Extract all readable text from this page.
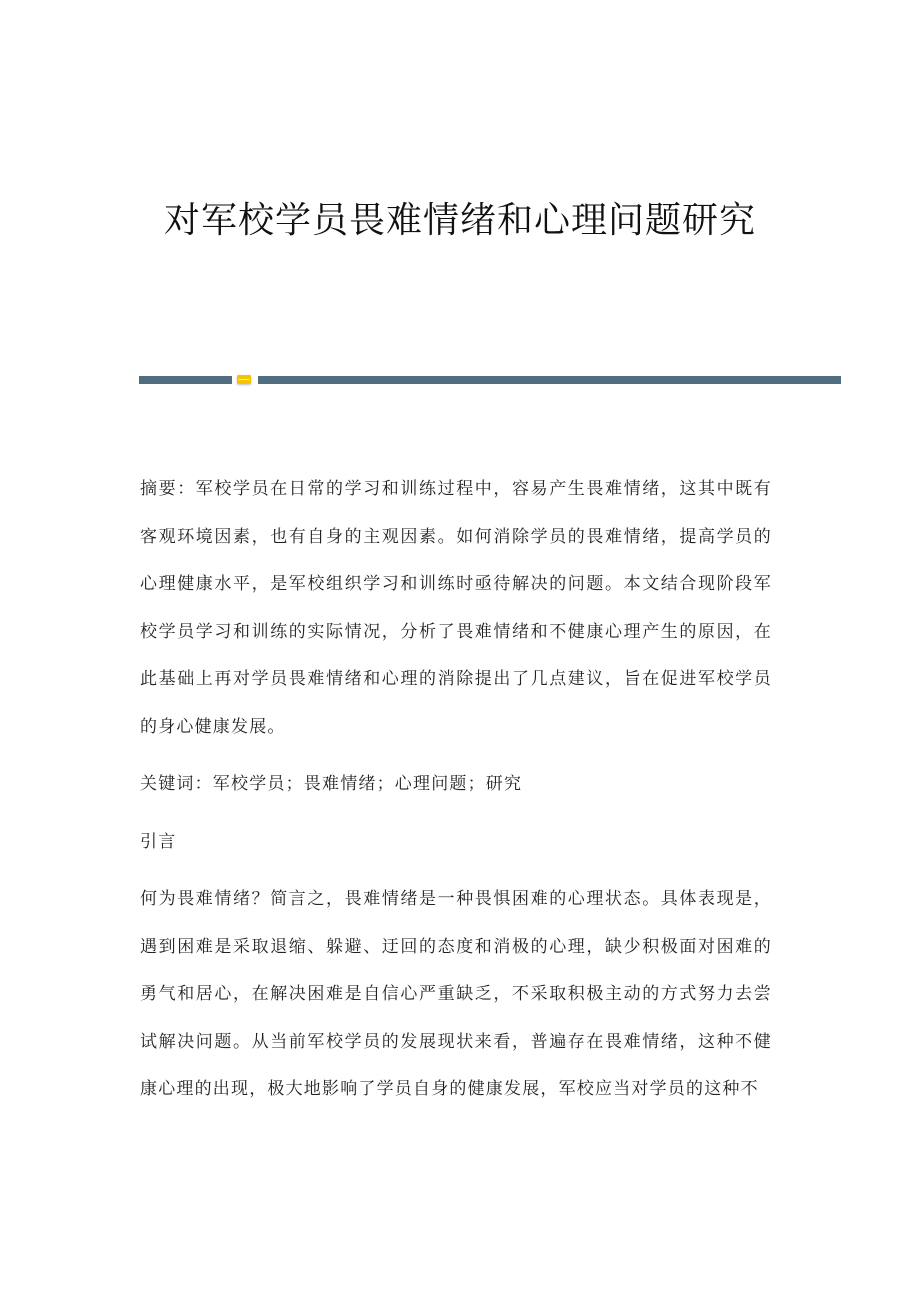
对军校学员畏难情绪和心理问题研究

摘要：军校学员在日常的学习和训练过程中，容易产生畏难情绪，这其中既有客观环境因素，也有自身的主观因素。如何消除学员的畏难情绪，提高学员的心理健康水平，是军校组织学习和训练时亟待解决的问题。本文结合现阶段军校学员学习和训练的实际情况，分析了畏难情绪和不健康心理产生的原因，在此基础上再对学员畏难情绪和心理的消除提出了几点建议，旨在促进军校学员的身心健康发展。

关键词：军校学员；畏难情绪；心理问题；研究

引言

何为畏难情绪？简言之，畏难情绪是一种畏惧困难的心理状态。具体表现是，遇到困难是采取退缩、躲避、迂回的态度和消极的心理，缺少积极面对困难的勇气和居心，在解决困难是自信心严重缺乏，不采取积极主动的方式努力去尝试解决问题。从当前军校学员的发展现状来看，普遍存在畏难情绪，这种不健康心理的出现，极大地影响了学员自身的健康发展，军校应当对学员的这种不
